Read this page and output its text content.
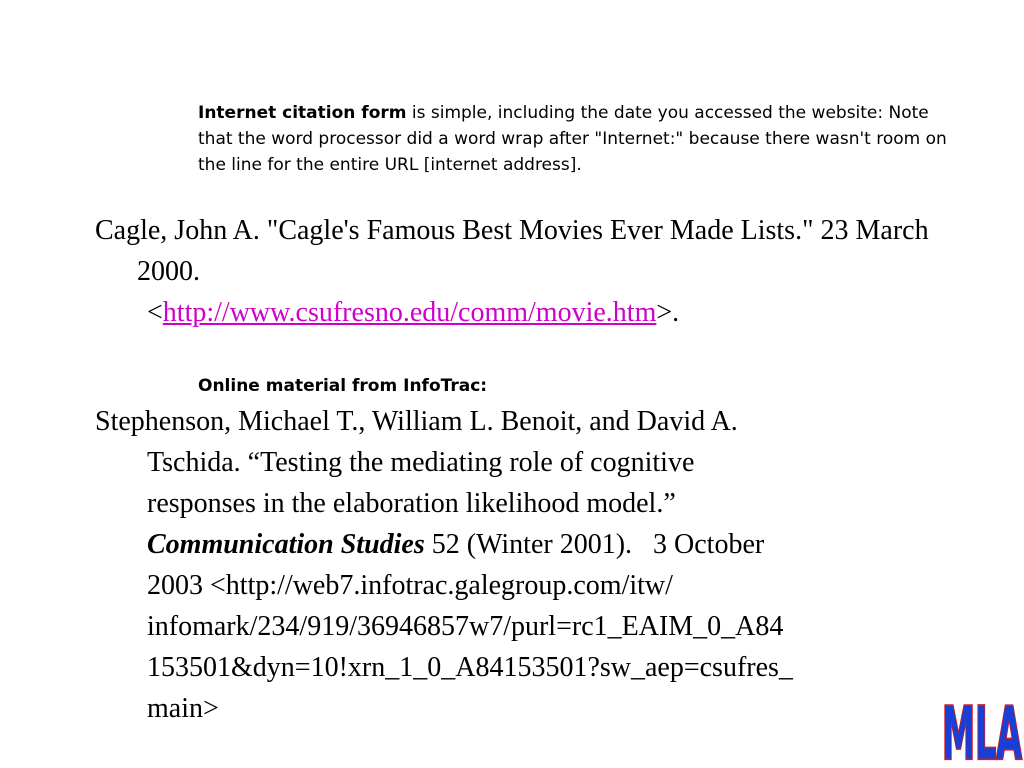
Internet citation form is simple, including the date you accessed the website: Note that the word processor did a word wrap after "Internet:" because there wasn't room on the line for the entire URL [internet address].
Cagle, John A. "Cagle's Famous Best Movies Ever Made Lists." 23 March 2000.
<http://www.csufresno.edu/comm/movie.htm>.
Online material from InfoTrac:
Stephenson, Michael T., William L. Benoit, and David A.
Tschida. “Testing the mediating role of cognitive
responses in the elaboration likelihood model.”
Communication Studies 52 (Winter 2001).   3 October
2003 <http://web7.infotrac.galegroup.com/itw/
infomark/234/919/36946857w7/purl=rc1_EAIM_0_A84
153501&dyn=10!xrn_1_0_A84153501?sw_aep=csufres_
main>	MLA
